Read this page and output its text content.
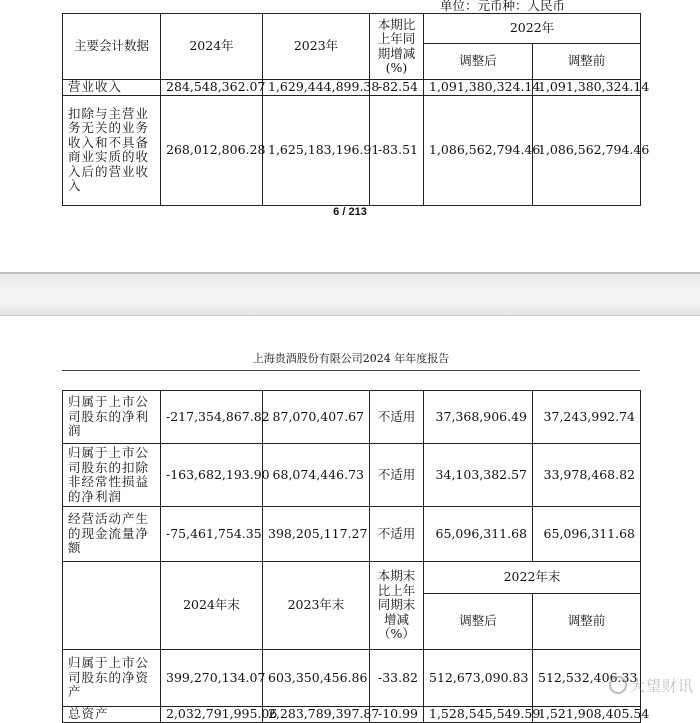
单位：元币种：人民币
主要会计数据	2024年	2023年	本期比上年同期增减(%)	2022年	
				调整后	调整前
营业收入	284,548,362.07	1,629,444,899.38	-82.54	1,091,380,324.14	1,091,380,324.14
扣除与主营业务无关的业务收入和不具备商业实质的收入后的营业收入	268,012,806.28	1,625,183,196.91	-83.51	1,086,562,794.46	1,086,562,794.46
6 / 213
上海贵酒股份有限公司2024 年年度报告
归属于上市公司股东的净利润	-217,354,867.82	87,070,407.67	不适用	37,368,906.49	37,243,992.74
归属于上市公司股东的扣除非经常性损益的净利润	-163,682,193.90	68,074,446.73	不适用	34,103,382.57	33,978,468.82
经营活动产生的现金流量净额	-75,461,754.35	398,205,117.27	不适用	65,096,311.68	65,096,311.68
	2024年末	2023年末	本期末比上年同期末增减（%）	2022年末	
				调整后	调整前
归属于上市公司股东的净资产	399,270,134.07	603,350,456.86	-33.82	512,673,090.83	512,532,406.33
总资产	2,032,791,995.06	2,283,789,397.87	-10.99	1,528,545,549.59	1,521,908,405.54
大望财讯
